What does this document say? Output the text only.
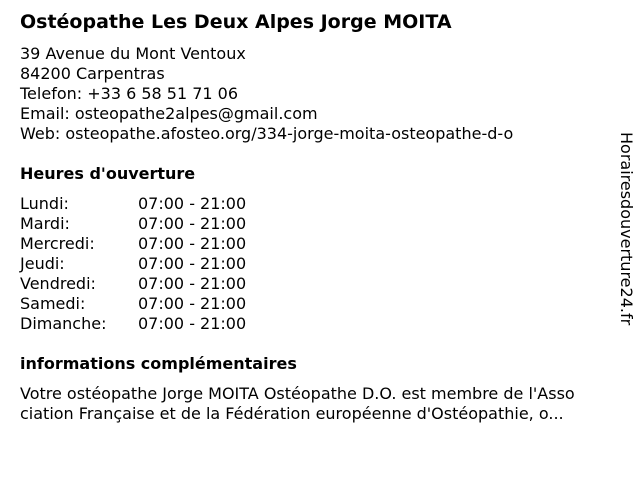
Ostéopathe Les Deux Alpes Jorge MOITA
39 Avenue du Mont Ventoux
84200 Carpentras
Telefon: +33 6 58 51 71 06
Email: osteopathe2alpes@gmail.com
Web: osteopathe.afosteo.org/334-jorge-moita-osteopathe-d-o
Heures d'ouverture
Lundi:	07:00 - 21:00
Mardi:	07:00 - 21:00
Mercredi:	07:00 - 21:00
Jeudi:	07:00 - 21:00
Vendredi:	07:00 - 21:00
Samedi:	07:00 - 21:00
Dimanche: 07:00 - 21:00
informations complémentaires
Votre ostéopathe Jorge MOITA Ostéopathe D.O. est membre de l'Asso
ciation Française et de la Fédération européenne d'Ostéopathie, o...
Horairesdouverture24.fr
